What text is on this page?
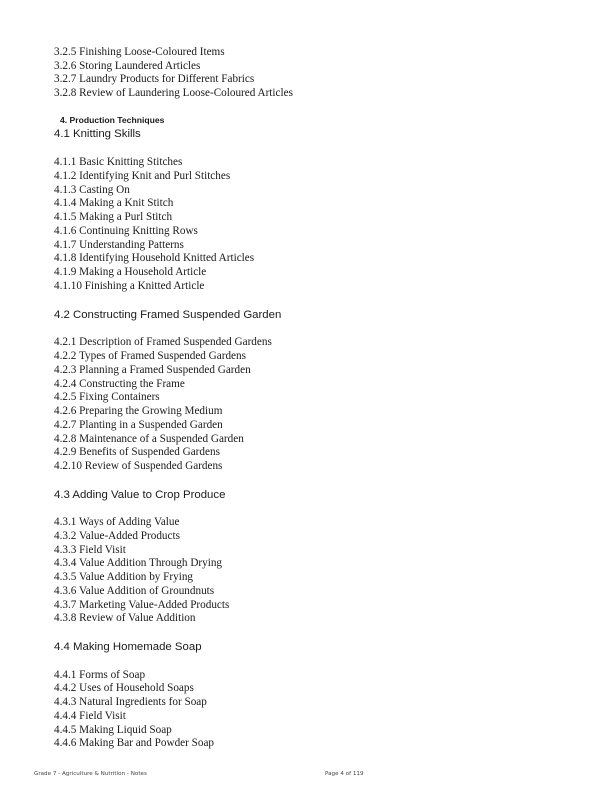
3.2.5 Finishing Loose-Coloured Items
3.2.6 Storing Laundered Articles
3.2.7 Laundry Products for Different Fabrics
3.2.8 Review of Laundering Loose-Coloured Articles
4. Production Techniques
4.1 Knitting Skills
4.1.1 Basic Knitting Stitches
4.1.2 Identifying Knit and Purl Stitches
4.1.3 Casting On
4.1.4 Making a Knit Stitch
4.1.5 Making a Purl Stitch
4.1.6 Continuing Knitting Rows
4.1.7 Understanding Patterns
4.1.8 Identifying Household Knitted Articles
4.1.9 Making a Household Article
4.1.10 Finishing a Knitted Article
4.2 Constructing Framed Suspended Garden
4.2.1 Description of Framed Suspended Gardens
4.2.2 Types of Framed Suspended Gardens
4.2.3 Planning a Framed Suspended Garden
4.2.4 Constructing the Frame
4.2.5 Fixing Containers
4.2.6 Preparing the Growing Medium
4.2.7 Planting in a Suspended Garden
4.2.8 Maintenance of a Suspended Garden
4.2.9 Benefits of Suspended Gardens
4.2.10 Review of Suspended Gardens
4.3 Adding Value to Crop Produce
4.3.1 Ways of Adding Value
4.3.2 Value-Added Products
4.3.3 Field Visit
4.3.4 Value Addition Through Drying
4.3.5 Value Addition by Frying
4.3.6 Value Addition of Groundnuts
4.3.7 Marketing Value-Added Products
4.3.8 Review of Value Addition
4.4 Making Homemade Soap
4.4.1 Forms of Soap
4.4.2 Uses of Household Soaps
4.4.3 Natural Ingredients for Soap
4.4.4 Field Visit
4.4.5 Making Liquid Soap
4.4.6 Making Bar and Powder Soap
Grade 7 - Agriculture & Nutrition - Notes	Page 4 of 119
